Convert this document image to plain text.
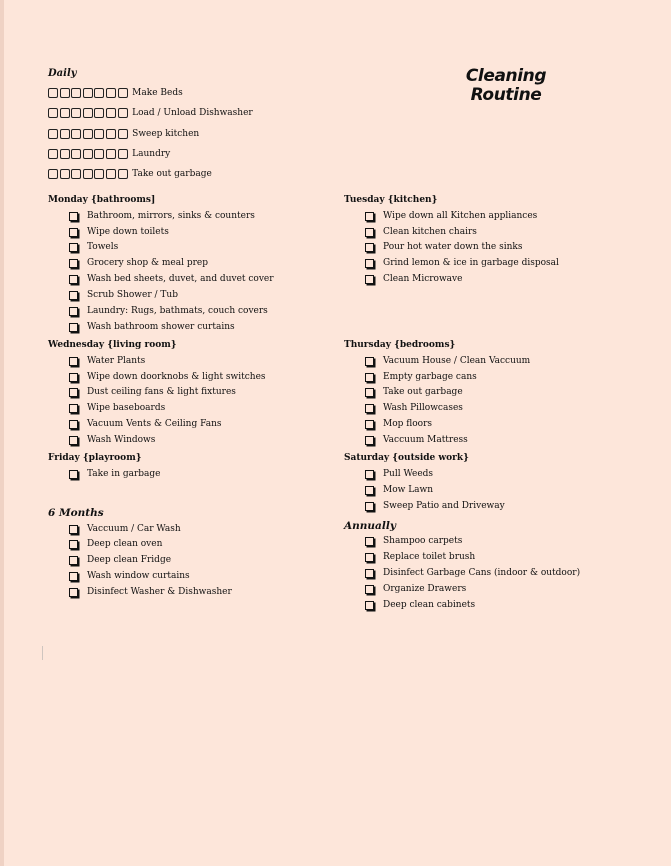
Cleaning
Routine
Daily
Make Beds
Load / Unload Dishwasher
Sweep kitchen
Laundry
Take out garbage
Monday {bathrooms]
Bathroom, mirrors, sinks & counters
Wipe down toilets
Towels
Grocery shop & meal prep
Wash bed sheets, duvet, and duvet cover
Scrub Shower / Tub
Laundry: Rugs, bathmats, couch covers
Wash bathroom shower curtains
Tuesday {kitchen}
Wipe down all Kitchen appliances
Clean kitchen chairs
Pour hot water down the sinks
Grind lemon & ice in garbage disposal
Clean Microwave
Wednesday {living room}
Water Plants
Wipe down doorknobs & light switches
Dust ceiling fans & light fixtures
Wipe baseboards
Vacuum Vents & Ceiling Fans
Wash Windows
Thursday {bedrooms}
Vacuum House / Clean Vaccuum
Empty garbage cans
Take out garbage
Wash Pillowcases
Mop floors
Vaccuum Mattress
Friday {playroom}
Take in garbage
Saturday {outside work}
Pull Weeds
Mow Lawn
Sweep Patio and Driveway
6 Months
Vaccuum / Car Wash
Deep clean oven
Deep clean Fridge
Wash window curtains
Disinfect Washer & Dishwasher
Annually
Shampoo carpets
Replace toilet brush
Disinfect Garbage Cans (indoor & outdoor)
Organize Drawers
Deep clean cabinets
